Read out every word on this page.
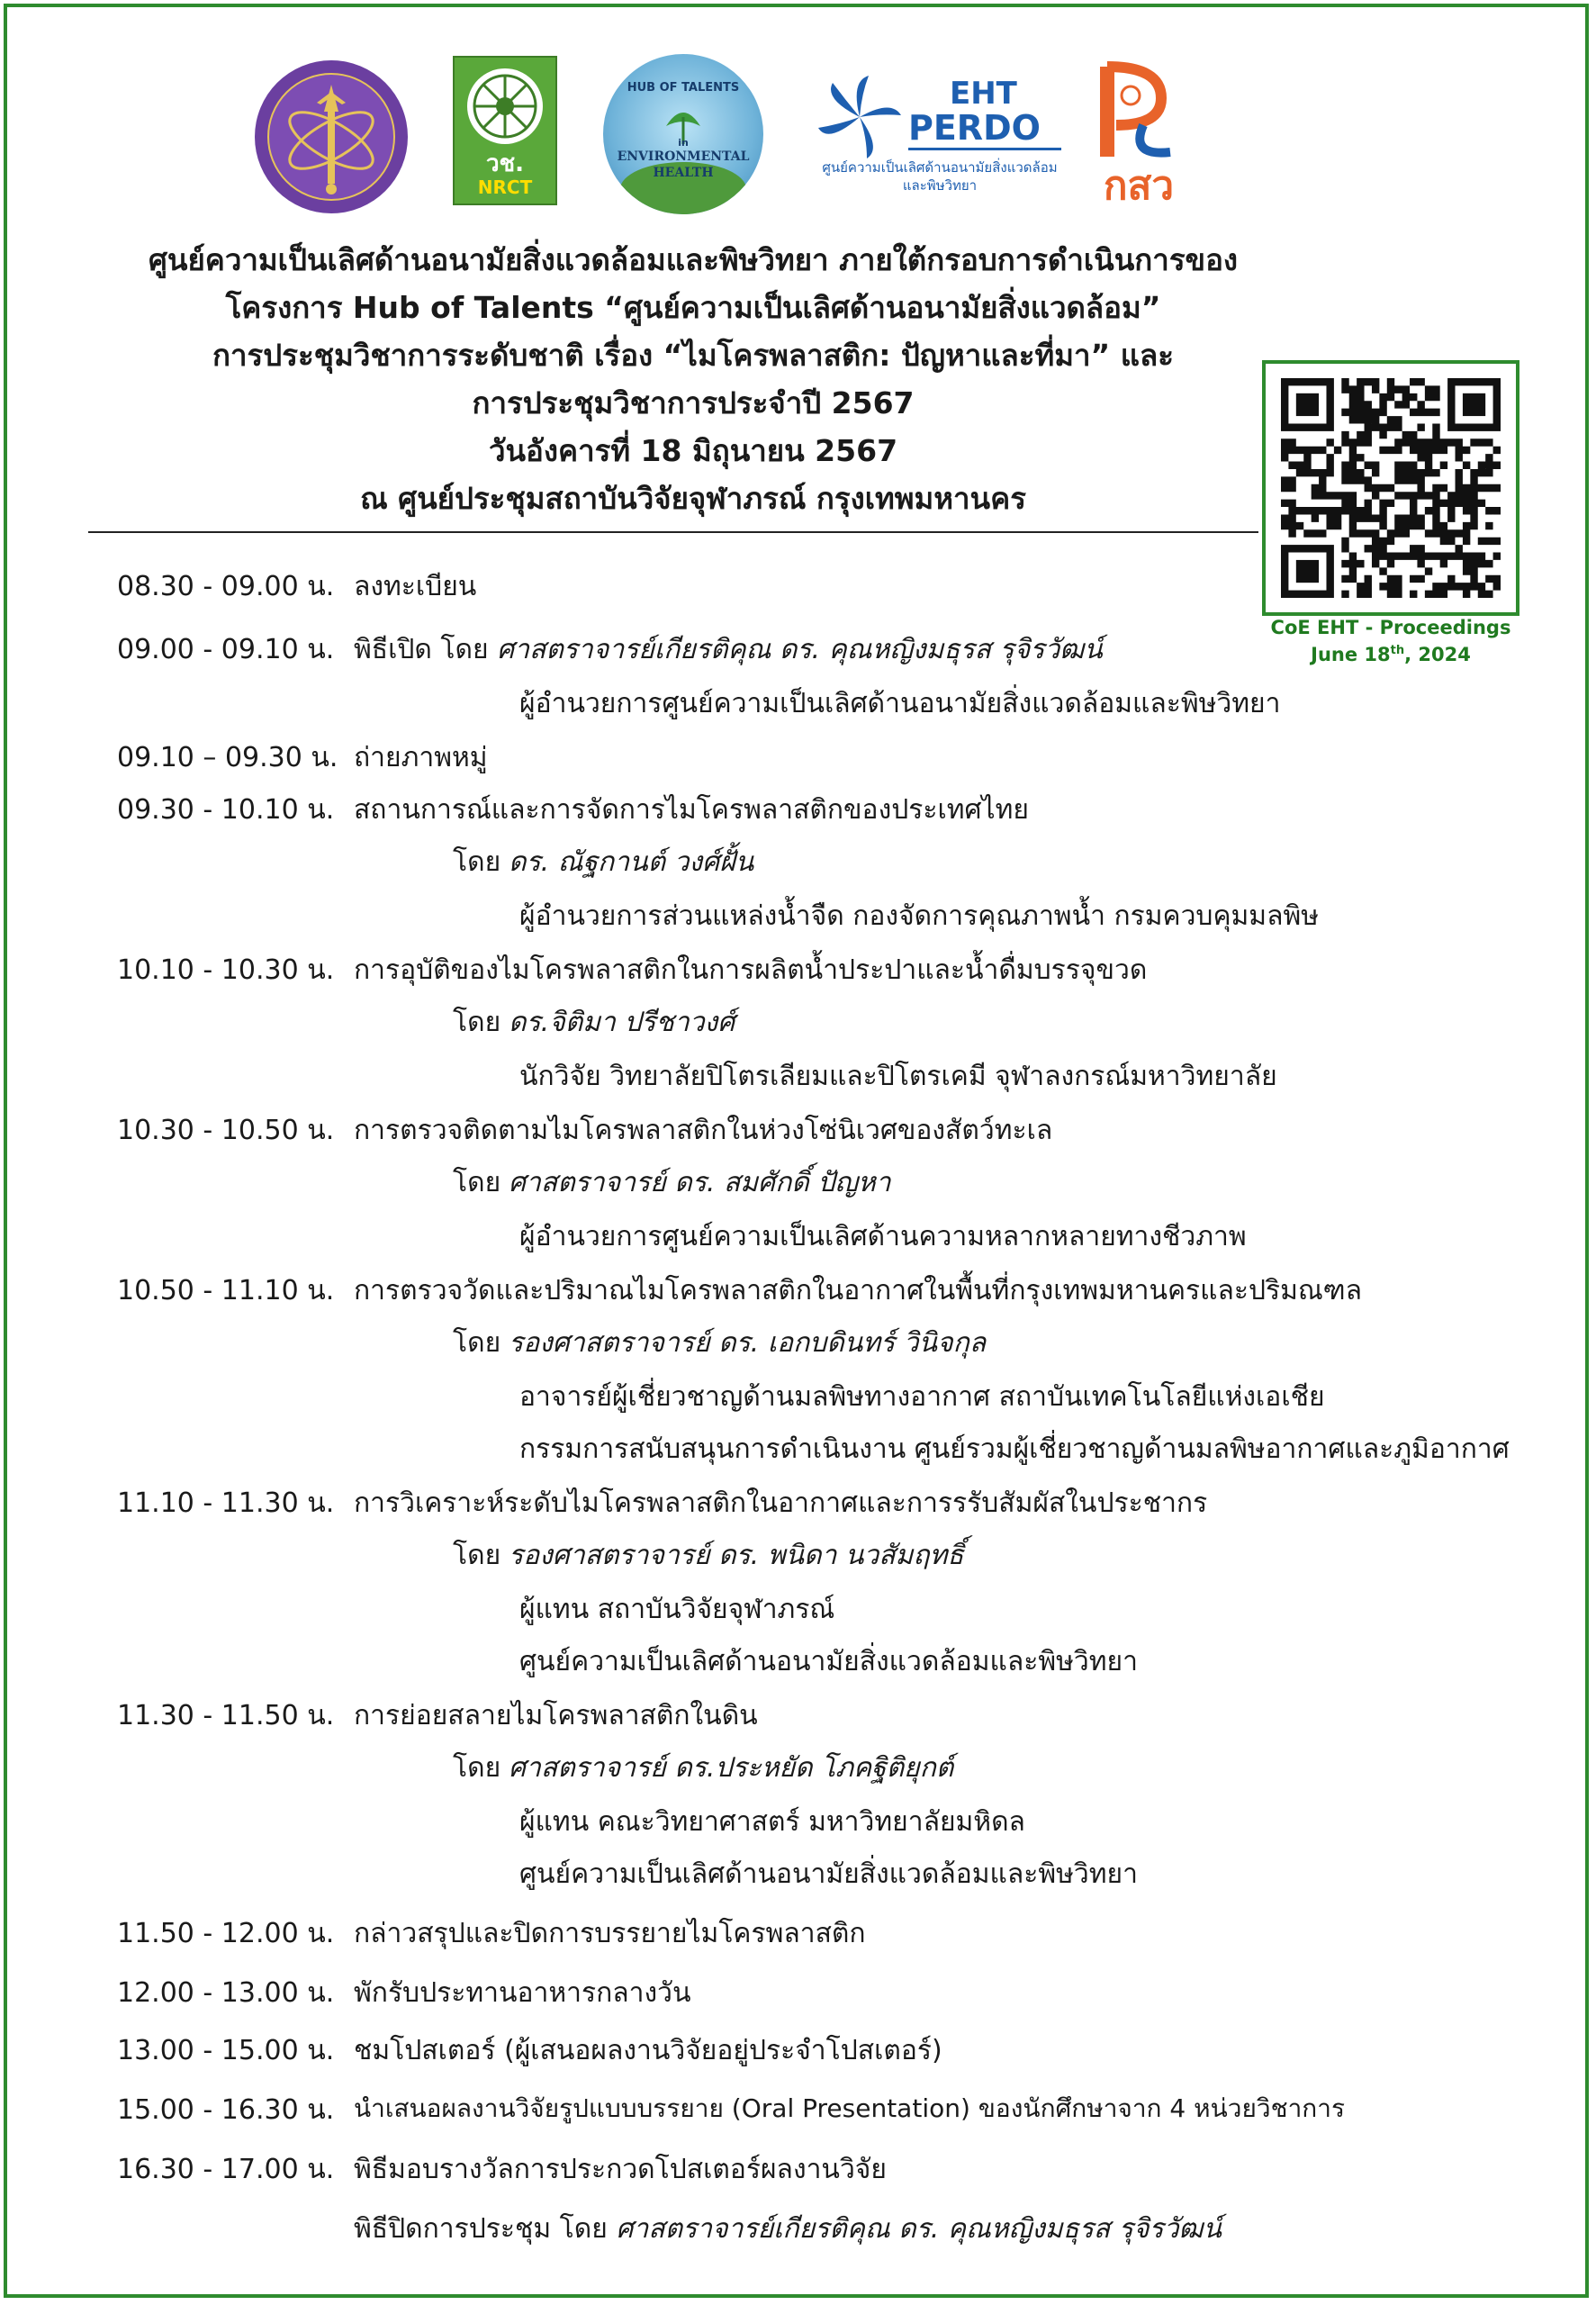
วช.
NRCT
HUB OF TALENTS
in
ENVIRONMENTAL
HEALTH
EHT
PERDO
ศูนย์ความเป็นเลิศด้านอนามัยสิ่งแวดล้อม
และพิษวิทยา	กสว
ศูนย์ความเป็นเลิศด้านอนามัยสิ่งแวดล้อมและพิษวิทยา ภายใต้กรอบการดำเนินการของ
โครงการ Hub of Talents “ศูนย์ความเป็นเลิศด้านอนามัยสิ่งแวดล้อม”
การประชุมวิชาการระดับชาติ เรื่อง “ไมโครพลาสติก: ปัญหาและที่มา” และ
การประชุมวิชาการประจำปี 2567
วันอังคารที่ 18 มิถุนายน 2567
ณ ศูนย์ประชุมสถาบันวิจัยจุฬาภรณ์ กรุงเทพมหานคร
CoE EHT - Proceedings
June 18th, 2024
08.30 - 09.00 น. ลงทะเบียน
09.00 - 09.10 น. พิธีเปิด โดย ศาสตราจารย์เกียรติคุณ ดร. คุณหญิงมธุรส รุจิรวัฒน์
ผู้อำนวยการศูนย์ความเป็นเลิศด้านอนามัยสิ่งแวดล้อมและพิษวิทยา
09.10 – 09.30 น. ถ่ายภาพหมู่
09.30 - 10.10 น. สถานการณ์และการจัดการไมโครพลาสติกของประเทศไทย
โดย ดร. ณัฐกานต์ วงศ์ฝั้น
ผู้อำนวยการส่วนแหล่งน้ำจืด กองจัดการคุณภาพน้ำ กรมควบคุมมลพิษ
10.10 - 10.30 น. การอุบัติของไมโครพลาสติกในการผลิตน้ำประปาและน้ำดื่มบรรจุขวด
โดย ดร.จิติมา ปรีชาวงศ์
นักวิจัย วิทยาลัยปิโตรเลียมและปิโตรเคมี จุฬาลงกรณ์มหาวิทยาลัย
10.30 - 10.50 น. การตรวจติดตามไมโครพลาสติกในห่วงโซ่นิเวศของสัตว์ทะเล
โดย ศาสตราจารย์ ดร. สมศักดิ์ ปัญหา
ผู้อำนวยการศูนย์ความเป็นเลิศด้านความหลากหลายทางชีวภาพ
10.50 - 11.10 น. การตรวจวัดและปริมาณไมโครพลาสติกในอากาศในพื้นที่กรุงเทพมหานครและปริมณฑล
โดย รองศาสตราจารย์ ดร. เอกบดินทร์ วินิจกุล
อาจารย์ผู้เชี่ยวชาญด้านมลพิษทางอากาศ สถาบันเทคโนโลยีแห่งเอเชีย
กรรมการสนับสนุนการดำเนินงาน ศูนย์รวมผู้เชี่ยวชาญด้านมลพิษอากาศและภูมิอากาศ
11.10 - 11.30 น. การวิเคราะห์ระดับไมโครพลาสติกในอากาศและการรรับสัมผัสในประชากร
โดย รองศาสตราจารย์ ดร. พนิดา นวสัมฤทธิ์
ผู้แทน สถาบันวิจัยจุฬาภรณ์
ศูนย์ความเป็นเลิศด้านอนามัยสิ่งแวดล้อมและพิษวิทยา
11.30 - 11.50 น. การย่อยสลายไมโครพลาสติกในดิน
โดย ศาสตราจารย์ ดร.ประหยัด โภคฐิติยุกต์
ผู้แทน คณะวิทยาศาสตร์ มหาวิทยาลัยมหิดล
ศูนย์ความเป็นเลิศด้านอนามัยสิ่งแวดล้อมและพิษวิทยา
11.50 - 12.00 น. กล่าวสรุปและปิดการบรรยายไมโครพลาสติก
12.00 - 13.00 น. พักรับประทานอาหารกลางวัน
13.00 - 15.00 น. ชมโปสเตอร์ (ผู้เสนอผลงานวิจัยอยู่ประจำโปสเตอร์)
15.00 - 16.30 น. นำเสนอผลงานวิจัยรูปแบบบรรยาย (Oral Presentation) ของนักศึกษาจาก 4 หน่วยวิชาการ
16.30 - 17.00 น. พิธีมอบรางวัลการประกวดโปสเตอร์ผลงานวิจัย
พิธีปิดการประชุม โดย ศาสตราจารย์เกียรติคุณ ดร. คุณหญิงมธุรส รุจิรวัฒน์
